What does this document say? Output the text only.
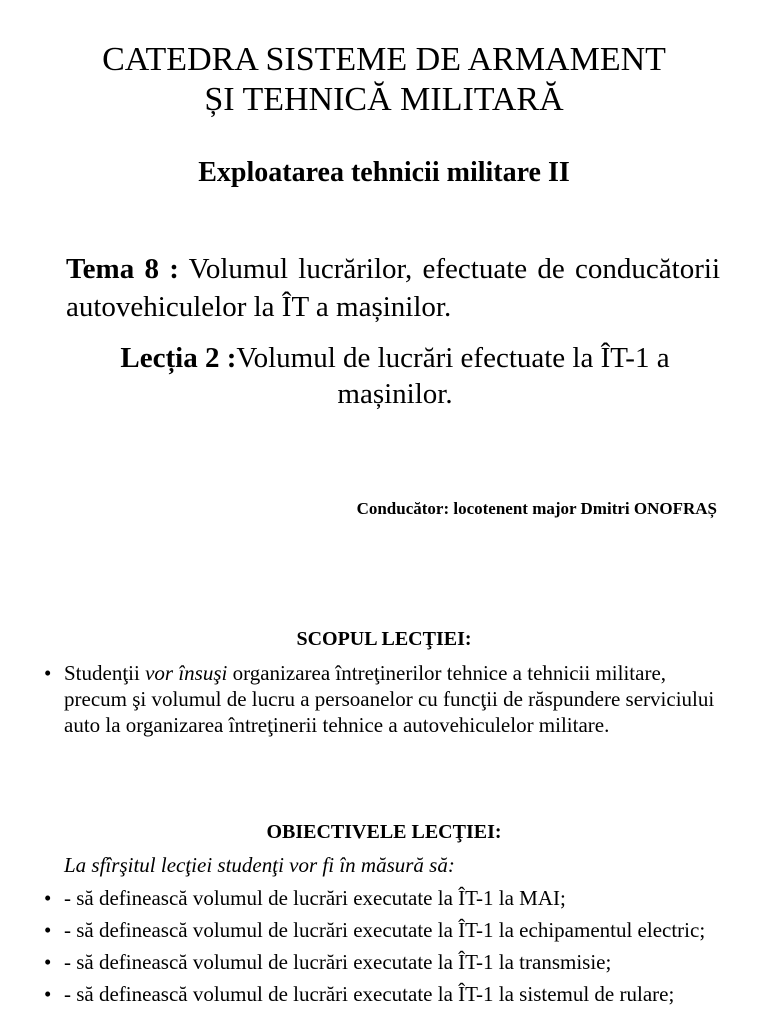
CATEDRA SISTEME DE ARMAMENT
ȘI TEHNICĂ MILITARĂ
Exploatarea tehnicii militare II

Tema 8 : Volumul lucrărilor, efectuate de conducătorii autovehiculelor la ÎT a mașinilor.

Lecția 2 :Volumul de lucrări efectuate la ÎT-1 a mașinilor.

Conducător: locotenent major Dmitri ONOFRAȘ

SCOPUL LECŢIEI:
• Studenţii vor însuşi organizarea întreţinerilor tehnice a tehnicii militare, precum şi volumul de lucru a persoanelor cu funcţii de răspundere serviciului auto la organizarea întreţinerii tehnice a autovehiculelor militare.
OBIECTIVELE LECŢIEI:

La sfîrşitul lecţiei studenţi vor fi în măsură să:

• - să definească volumul de lucrări executate la ÎT-1 la MAI;
• - să definească volumul de lucrări executate la ÎT-1 la echipamentul electric;
• - să definească volumul de lucrări executate la ÎT-1 la transmisie;
• - să definească volumul de lucrări executate la ÎT-1 la sistemul de rulare;
